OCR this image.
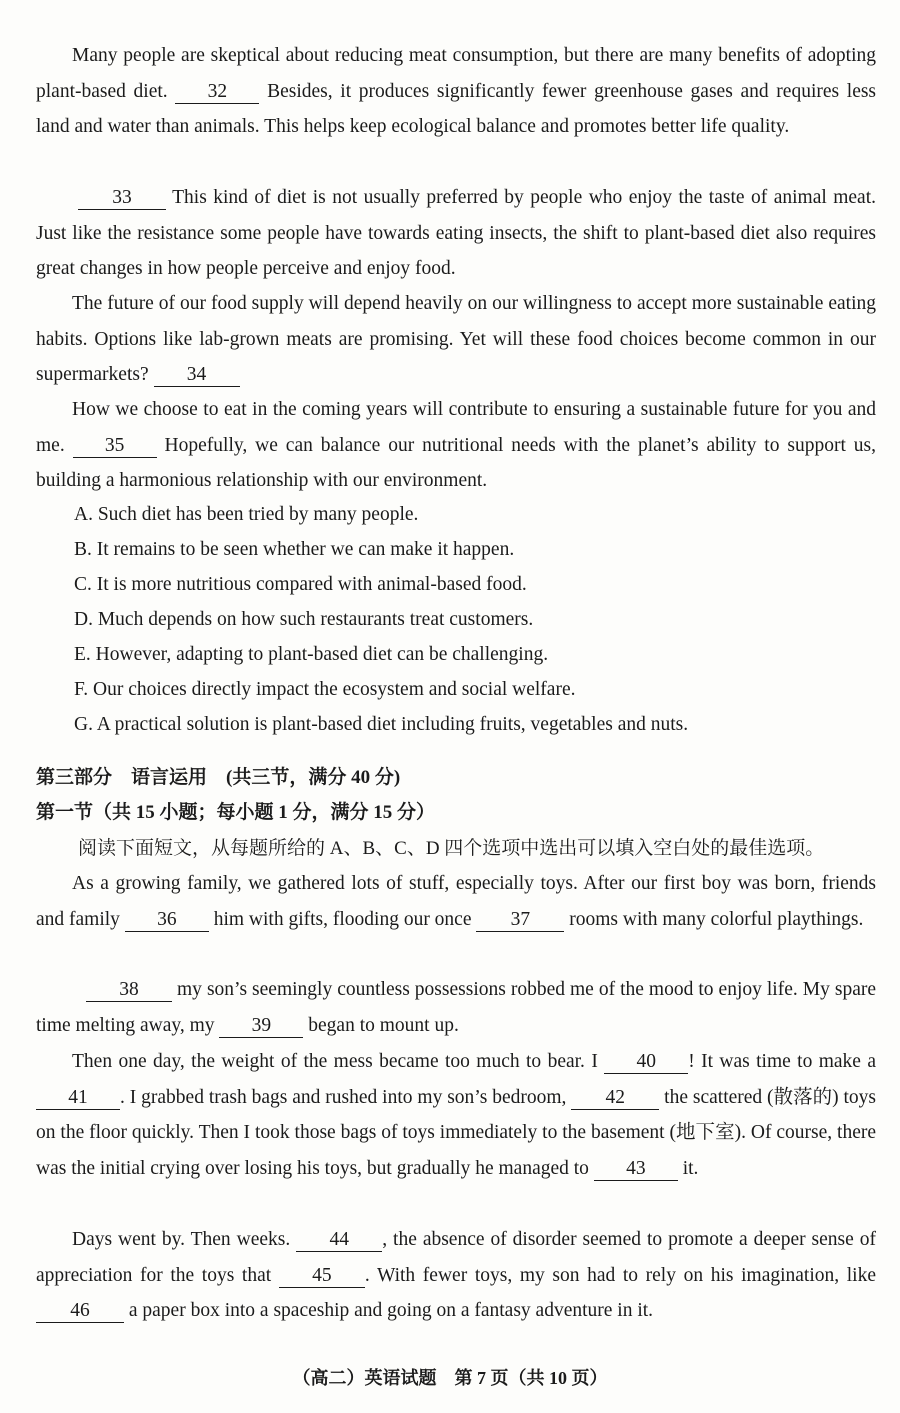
Many people are skeptical about reducing meat consumption, but there are many benefits of adopting plant-based diet. 32 Besides, it produces significantly fewer greenhouse gases and requires less land and water than animals. This helps keep ecological balance and promotes better life quality.

33 This kind of diet is not usually preferred by people who enjoy the taste of animal meat. Just like the resistance some people have towards eating insects, the shift to plant-based diet also requires great changes in how people perceive and enjoy food.

The future of our food supply will depend heavily on our willingness to accept more sustainable eating habits. Options like lab-grown meats are promising. Yet will these food choices become common in our supermarkets? 34

How we choose to eat in the coming years will contribute to ensuring a sustainable future for you and me. 35 Hopefully, we can balance our nutritional needs with the planet’s ability to support us, building a harmonious relationship with our environment.

A. Such diet has been tried by many people.

B. It remains to be seen whether we can make it happen.

C. It is more nutritious compared with animal-based food.

D. Much depends on how such restaurants treat customers.

E. However, adapting to plant-based diet can be challenging.

F. Our choices directly impact the ecosystem and social welfare.

G. A practical solution is plant-based diet including fruits, vegetables and nuts.

第三部分　语言运用　(共三节，满分 40 分)

第一节（共 15 小题；每小题 1 分，满分 15 分）

阅读下面短文，从每题所给的 A、B、C、D 四个选项中选出可以填入空白处的最佳选项。

As a growing family, we gathered lots of stuff, especially toys. After our first boy was born, friends and family 36 him with gifts, flooding our once 37 rooms with many colorful playthings.

38 my son’s seemingly countless possessions robbed me of the mood to enjoy life. My spare time melting away, my 39 began to mount up.

Then one day, the weight of the mess became too much to bear. I 40 ! It was time to make a41 . I grabbed trash bags and rushed into my son’s bedroom, 42 the scattered (散落的) toys on the floor quickly. Then I took those bags of toys immediately to the basement (地下室). Of course, there was the initial crying over losing his toys, but gradually he managed to 43 it.

Days went by. Then weeks. 44 , the absence of disorder seemed to promote a deeper sense of appreciation for the toys that 45 . With fewer toys, my son had to rely on his imagination, like 46 a paper box into a spaceship and going on a fantasy adventure in it.

（高二）英语试题　第 7 页（共 10 页）
